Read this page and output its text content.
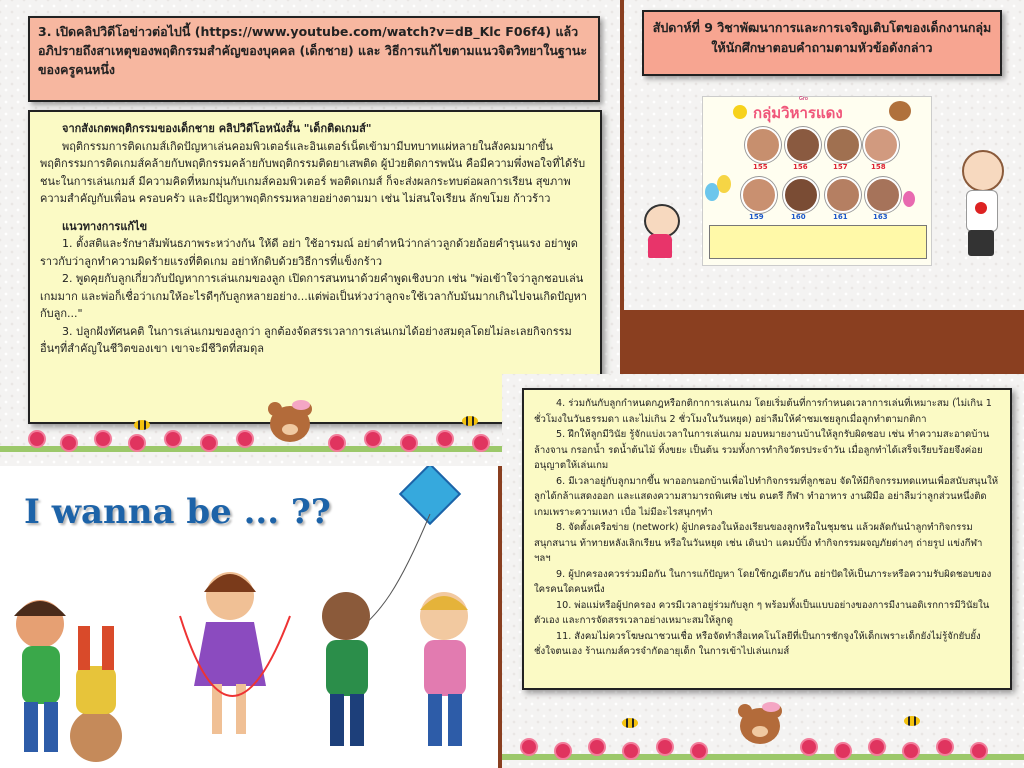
3. เปิดคลิปวิดีโอข่าวต่อไปนี้ (https://www.youtube.com/watch?v=dB_Klc F06f4) แล้วอภิปรายถึงสาเหตุของพฤติกรรมสำคัญของบุคคล (เด็กชาย) และ วิธีการแก้ไขตามแนวจิตวิทยาในฐานะของครูคนหนึ่ง

จากสังเกตพฤติกรรมของเด็กชาย คลิปวิดีโอหนังสั้น "เด็กติดเกมส์"

พฤติกรรมการติดเกมส์เกิดปัญหาเล่นคอมพิวเตอร์และอินเตอร์เน็ตเข้ามามีบทบาทแผ่หลายในสังคมมากขึ้น พฤติกรรมการติดเกมส์คล้ายกับพฤติกรรมคล้ายกับพฤติกรรมติดยาเสพติด ผู้ป่วยติดการพนัน คือมีความพึ่งพอใจที่ได้รับชนะในการเล่นเกมส์ มีความคิดที่หมกมุ่นกับเกมส์คอมพิวเตอร์ พอติดเกมส์ ก็จะส่งผลกระทบต่อผลการเรียน สุขภาพ ความสำคัญกับเพื่อน ครอบครัว และมีปัญหาพฤติกรรมหลายอย่างตามมา เช่น ไม่สนใจเรียน ลักขโมย ก้าวร้าว

แนวทางการแก้ไข

1. ตั้งสติและรักษาสัมพันธภาพระหว่างกัน ให้ดี อย่า ใช้อารมณ์ อย่าตำหนิว่ากล่าวลูกด้วยถ้อยคำรุนแรง อย่าพูดราวกับว่าลูกทำความผิดร้ายแรงที่ติดเกม อย่าหักดิบด้วยวิธีการที่แข็งกร้าว

2. พูดคุยกับลูกเกี่ยวกับปัญหาการเล่นเกมของลูก เปิดการสนทนาด้วยคำพูดเชิงบวก เช่น "พ่อเข้าใจว่าลูกชอบเล่นเกมมาก และพ่อก็เชื่อว่าเกมให้อะไรดีๆกับลูกหลายอย่าง...แต่พ่อเป็นห่วงว่าลูกจะใช้เวลากับมันมากเกินไปจนเกิดปัญหากับลูก..."

3. ปลูกฝังทัศนคติ ในการเล่นเกมของลูกว่า ลูกต้องจัดสรรเวลาการเล่นเกมได้อย่างสมดุลโดยไม่ละเลยกิจกรรมอื่นๆที่สำคัญในชีวิตของเขา เขาจะมีชีวิตที่สมดุล

สัปดาห์ที่ 9 วิชาพัฒนาการและการเจริญเติบโตของเด็กงานกลุ่ม ให้นักศึกษาตอบคำถามตามหัวข้อดังกล่าว
กลุ่มวิหารแดง
Gro
155	156	157	158
159	160	161	163
I wanna be ... ??

4. ร่วมกันกับลูกกำหนดกฎหรือกติกาการเล่นเกม โดยเริ่มต้นที่การกำหนดเวลาการเล่นที่เหมาะสม (ไม่เกิน 1 ชั่วโมงในวันธรรมดา และไม่เกิน 2 ชั่วโมงในวันหยุด) อย่าลืมให้คำชมเชยลูกเมื่อลูกทำตามกติกา

5. ฝึกให้ลูกมีวินัย รู้จักแบ่งเวลาในการเล่นเกม มอบหมายงานบ้านให้ลูกรับผิดชอบ เช่น ทำความสะอาดบ้าน ล้างจาน กรอกน้ำ รดน้ำต้นไม้ ทิ้งขยะ เป็นต้น รวมทั้งการทำกิจวัตรประจำวัน เมื่อลูกทำได้เสร็จเรียบร้อยจึงค่อยอนุญาตให้เล่นเกม

6. มีเวลาอยู่กับลูกมากขึ้น พาออกนอกบ้านเพื่อไปทำกิจกรรมที่ลูกชอบ จัดให้มีกิจกรรมทดแทนเพื่อสนับสนุนให้ลูกได้กล้าแสดงออก และแสดงความสามารถพิเศษ เช่น ดนตรี กีฬา ทำอาหาร งานฝีมือ อย่าลืมว่าลูกส่วนหนึ่งติดเกมเพราะความเหงา เบื่อ ไม่มีอะไรสนุกๆทำ

8. จัดตั้งเครือข่าย (network) ผู้ปกครองในห้องเรียนของลูกหรือในชุมชน แล้วผลัดกันนำลูกทำกิจกรรมสนุกสนาน ท้าทายหลังเลิกเรียน หรือในวันหยุด เช่น เดินป่า แคมป์ปิ้ง ทำกิจกรรมผจญภัยต่างๆ ถ่ายรูป แข่งกีฬา ฯลฯ

9. ผู้ปกครองควรร่วมมือกัน ในการแก้ปัญหา โดยใช้กฎเดียวกัน อย่าปัดให้เป็นภาระหรือความรับผิดชอบของใครคนใดคนหนึ่ง

10. พ่อแม่หรือผู้ปกครอง ควรมีเวลาอยู่ร่วมกับลูก ๆ พร้อมทั้งเป็นแบบอย่างของการมีงานอดิเรกการมีวินัยในตัวเอง และการจัดสรรเวลาอย่างเหมาะสมให้ลูกดู

11. สังคมไม่ควรโฆษณาชวนเชื่อ หรือจัดทำสื่อเทคโนโลยีที่เป็นการชักจูงให้เด็กเพราะเด็กยังไม่รู้จักยับยั้งชั่งใจตนเอง ร้านเกมส์ควรจำกัดอายุเด็ก ในการเข้าไปเล่นเกมส์
